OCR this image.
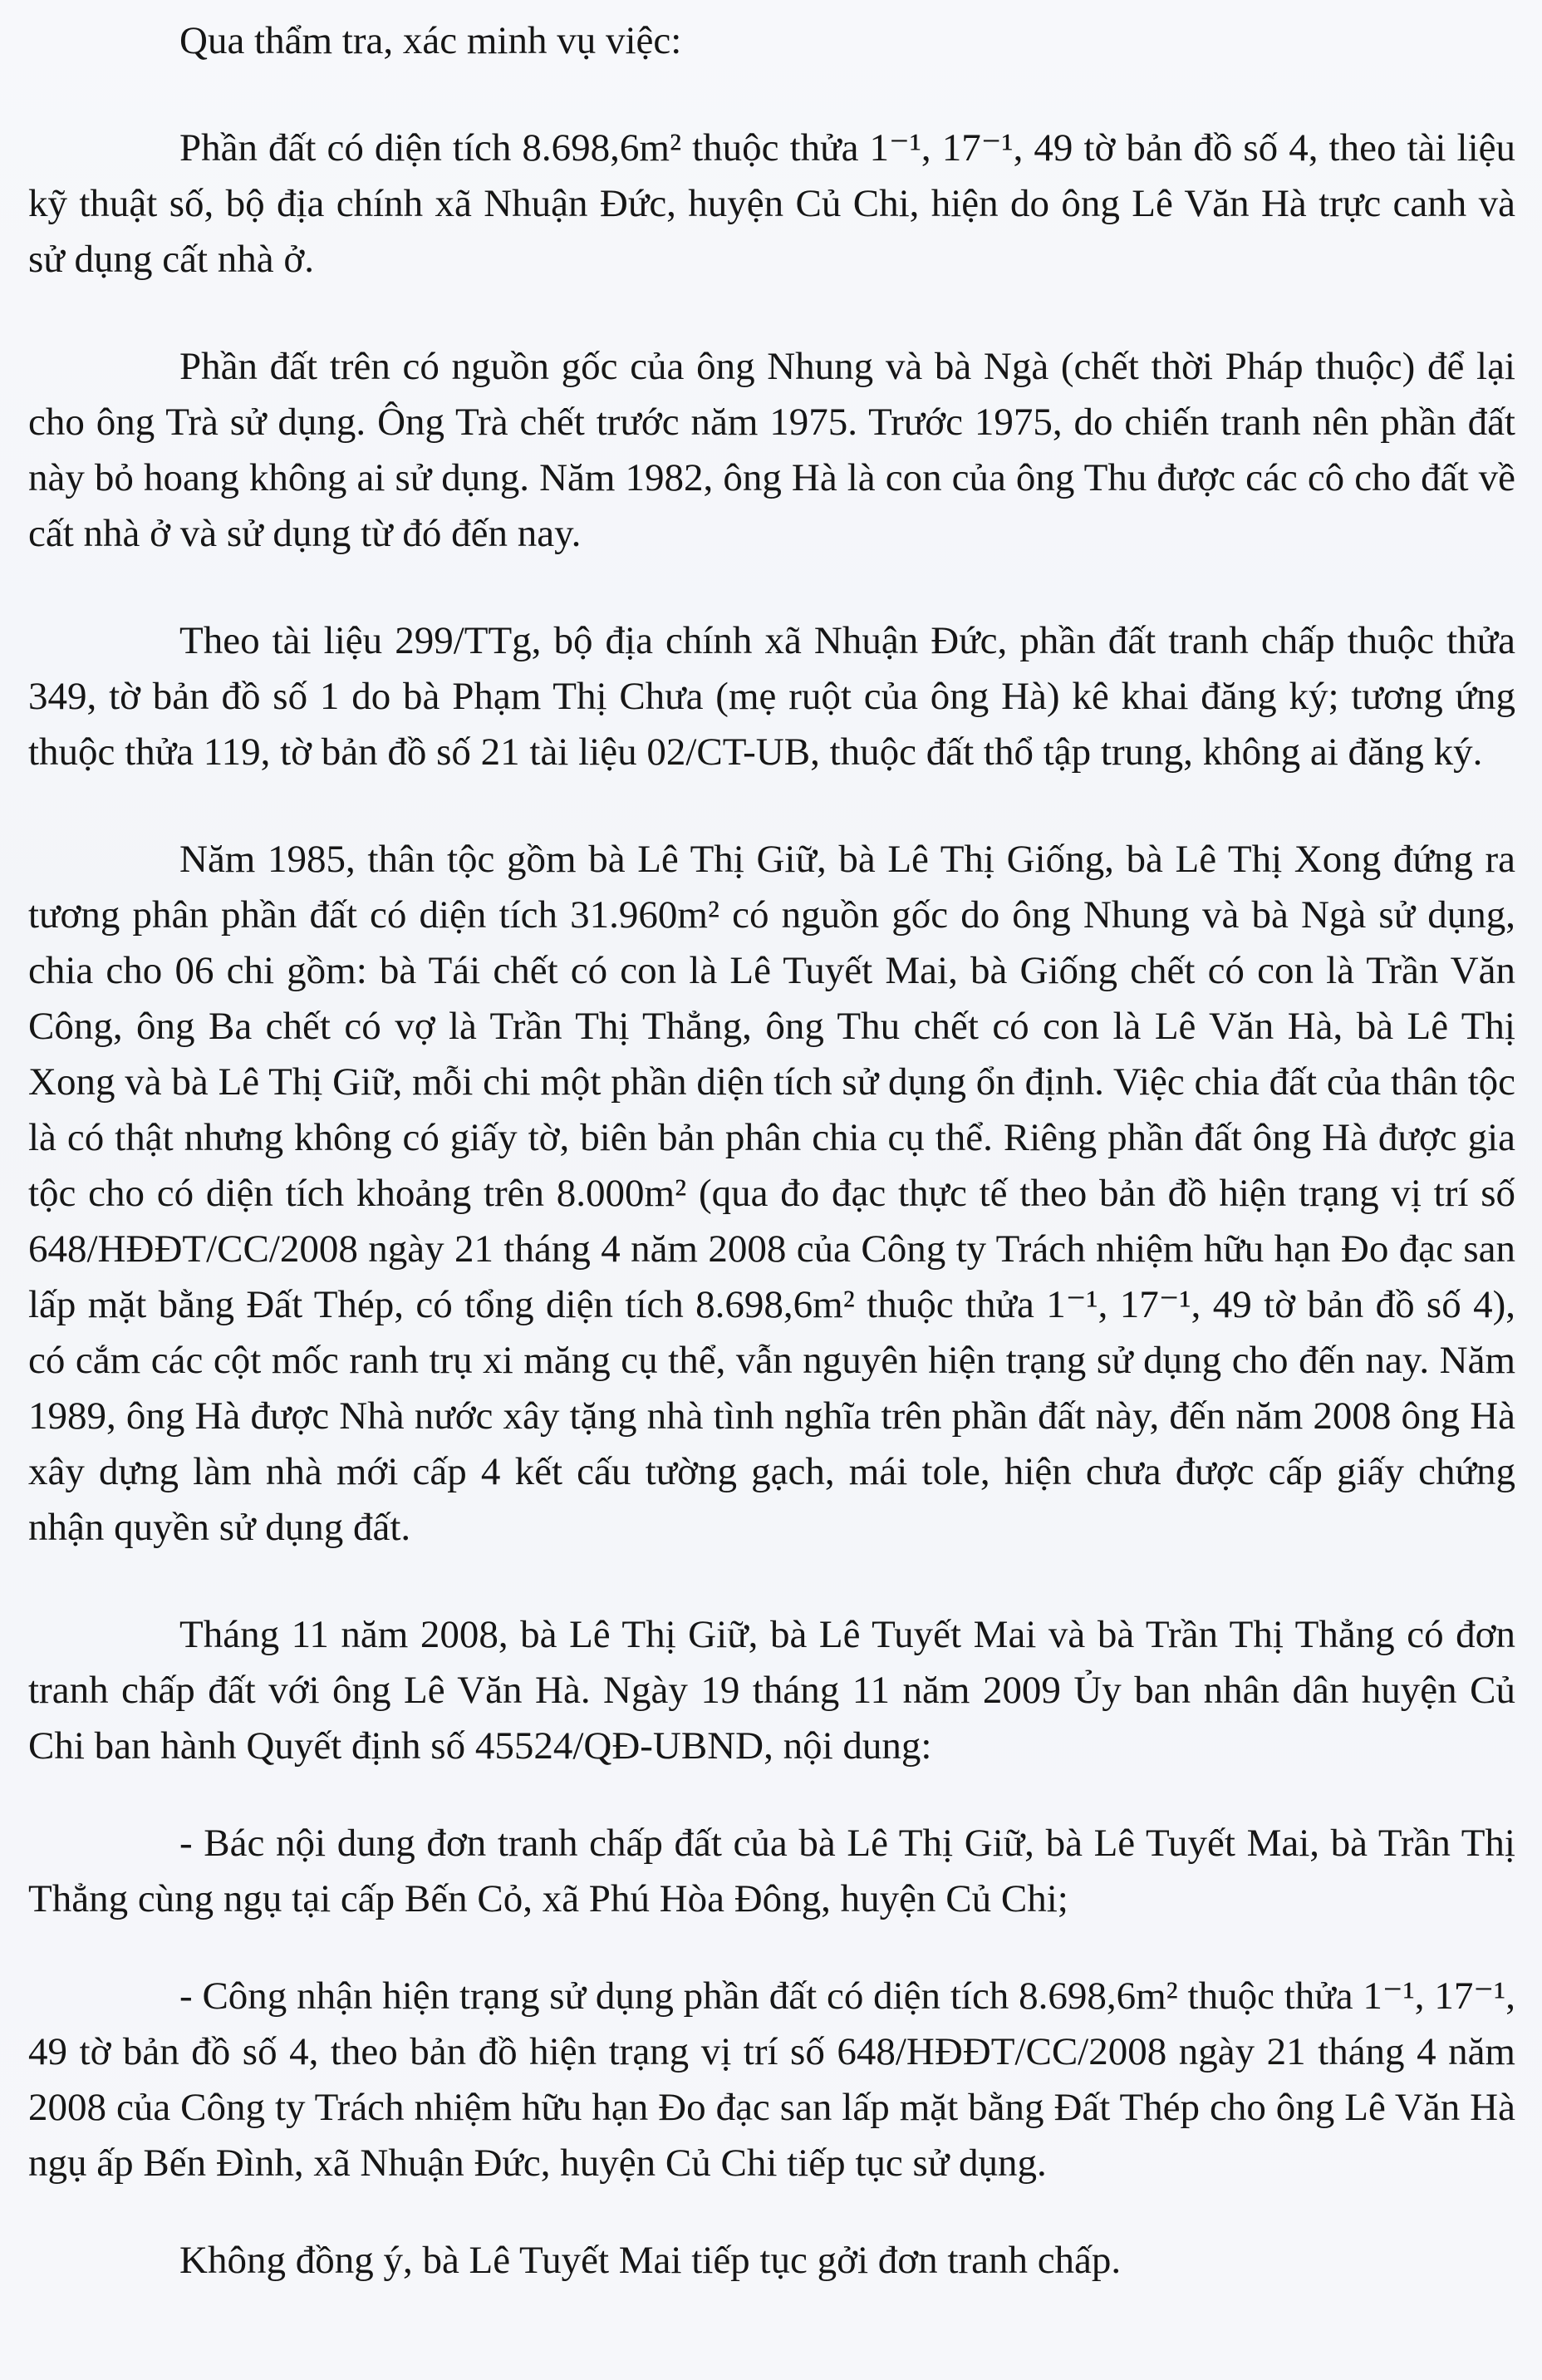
Qua thẩm tra, xác minh vụ việc:

Phần đất có diện tích 8.698,6m² thuộc thửa 1⁻¹, 17⁻¹, 49 tờ bản đồ số 4, theo tài liệu kỹ thuật số, bộ địa chính xã Nhuận Đức, huyện Củ Chi, hiện do ông Lê Văn Hà trực canh và sử dụng cất nhà ở.

Phần đất trên có nguồn gốc của ông Nhung và bà Ngà (chết thời Pháp thuộc) để lại cho ông Trà sử dụng. Ông Trà chết trước năm 1975. Trước 1975, do chiến tranh nên phần đất này bỏ hoang không ai sử dụng. Năm 1982, ông Hà là con của ông Thu được các cô cho đất về cất nhà ở và sử dụng từ đó đến nay.

Theo tài liệu 299/TTg, bộ địa chính xã Nhuận Đức, phần đất tranh chấp thuộc thửa 349, tờ bản đồ số 1 do bà Phạm Thị Chưa (mẹ ruột của ông Hà) kê khai đăng ký; tương ứng thuộc thửa 119, tờ bản đồ số 21 tài liệu 02/CT-UB, thuộc đất thổ tập trung, không ai đăng ký.

Năm 1985, thân tộc gồm bà Lê Thị Giữ, bà Lê Thị Giống, bà Lê Thị Xong đứng ra tương phân phần đất có diện tích 31.960m² có nguồn gốc do ông Nhung và bà Ngà sử dụng, chia cho 06 chi gồm: bà Tái chết có con là Lê Tuyết Mai, bà Giống chết có con là Trần Văn Công, ông Ba chết có vợ là Trần Thị Thẳng, ông Thu chết có con là Lê Văn Hà, bà Lê Thị Xong và bà Lê Thị Giữ, mỗi chi một phần diện tích sử dụng ổn định. Việc chia đất của thân tộc là có thật nhưng không có giấy tờ, biên bản phân chia cụ thể. Riêng phần đất ông Hà được gia tộc cho có diện tích khoảng trên 8.000m² (qua đo đạc thực tế theo bản đồ hiện trạng vị trí số 648/HĐĐT/CC/2008 ngày 21 tháng 4 năm 2008 của Công ty Trách nhiệm hữu hạn Đo đạc san lấp mặt bằng Đất Thép, có tổng diện tích 8.698,6m² thuộc thửa 1⁻¹, 17⁻¹, 49 tờ bản đồ số 4), có cắm các cột mốc ranh trụ xi măng cụ thể, vẫn nguyên hiện trạng sử dụng cho đến nay. Năm 1989, ông Hà được Nhà nước xây tặng nhà tình nghĩa trên phần đất này, đến năm 2008 ông Hà xây dựng làm nhà mới cấp 4 kết cấu tường gạch, mái tole, hiện chưa được cấp giấy chứng nhận quyền sử dụng đất.

Tháng 11 năm 2008, bà Lê Thị Giữ, bà Lê Tuyết Mai và bà Trần Thị Thẳng có đơn tranh chấp đất với ông Lê Văn Hà. Ngày 19 tháng 11 năm 2009 Ủy ban nhân dân huyện Củ Chi ban hành Quyết định số 45524/QĐ-UBND, nội dung:

- Bác nội dung đơn tranh chấp đất của bà Lê Thị Giữ, bà Lê Tuyết Mai, bà Trần Thị Thẳng cùng ngụ tại cấp Bến Cỏ, xã Phú Hòa Đông, huyện Củ Chi;

- Công nhận hiện trạng sử dụng phần đất có diện tích 8.698,6m² thuộc thửa 1⁻¹, 17⁻¹, 49 tờ bản đồ số 4, theo bản đồ hiện trạng vị trí số 648/HĐĐT/CC/2008 ngày 21 tháng 4 năm 2008 của Công ty Trách nhiệm hữu hạn Đo đạc san lấp mặt bằng Đất Thép cho ông Lê Văn Hà ngụ ấp Bến Đình, xã Nhuận Đức, huyện Củ Chi tiếp tục sử dụng.

Không đồng ý, bà Lê Tuyết Mai tiếp tục gởi đơn tranh chấp.
